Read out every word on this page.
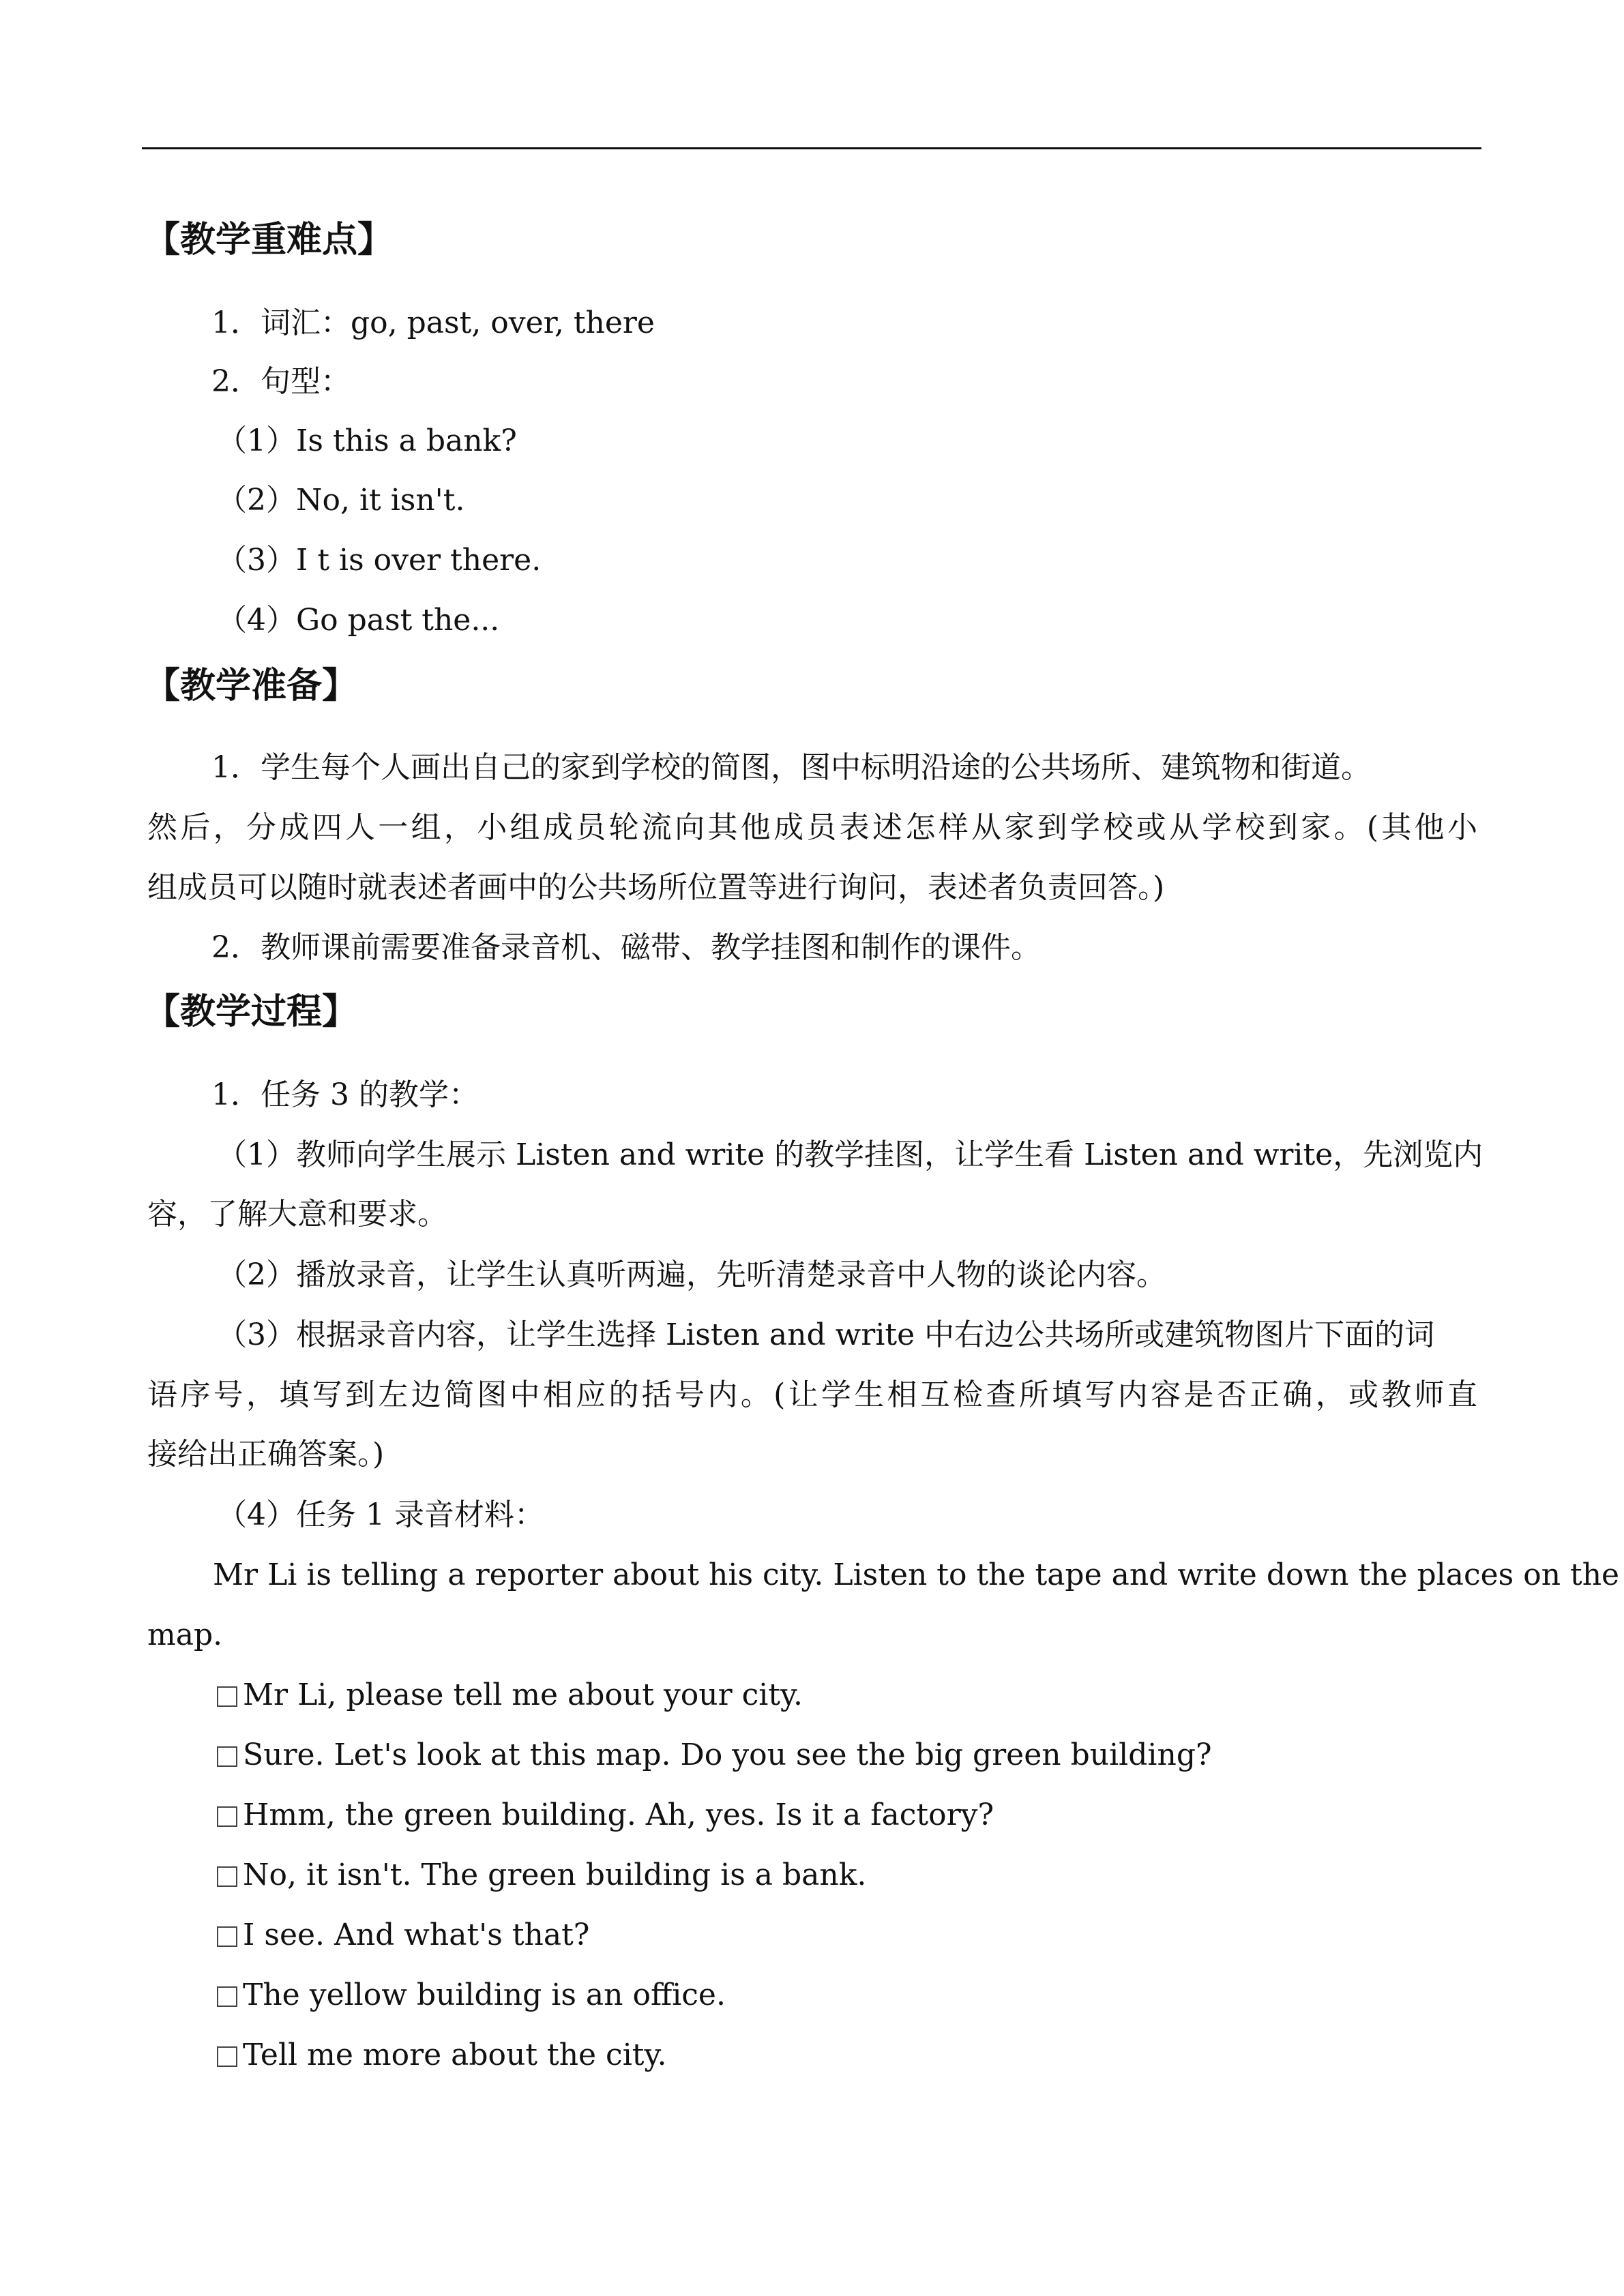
【教学重难点】
1．词汇：go, past, over, there
2．句型：
（1）Is this a bank?
（2）No, it isn't.
（3）I t is over there.
（4）Go past the...
【教学准备】
1．学生每个人画出自己的家到学校的简图，图中标明沿途的公共场所、建筑物和街道。
然后，分成四人一组，小组成员轮流向其他成员表述怎样从家到学校或从学校到家。(其他小
组成员可以随时就表述者画中的公共场所位置等进行询问，表述者负责回答。)
2．教师课前需要准备录音机、磁带、教学挂图和制作的课件。
【教学过程】
1．任务 3 的教学：
（1）教师向学生展示 Listen and write 的教学挂图，让学生看 Listen and write，先浏览内
容，了解大意和要求。
（2）播放录音，让学生认真听两遍，先听清楚录音中人物的谈论内容。
（3）根据录音内容，让学生选择 Listen and write 中右边公共场所或建筑物图片下面的词
语序号，填写到左边简图中相应的括号内。(让学生相互检查所填写内容是否正确，或教师直
接给出正确答案。)
（4）任务 1 录音材料：
Mr Li is telling a reporter about his city. Listen to the tape and write down the places on the
map.
Mr Li, please tell me about your city.
Sure. Let's look at this map. Do you see the big green building?
Hmm, the green building. Ah, yes. Is it a factory?
No, it isn't. The green building is a bank.
I see. And what's that?
The yellow building is an office.
Tell me more about the city.
